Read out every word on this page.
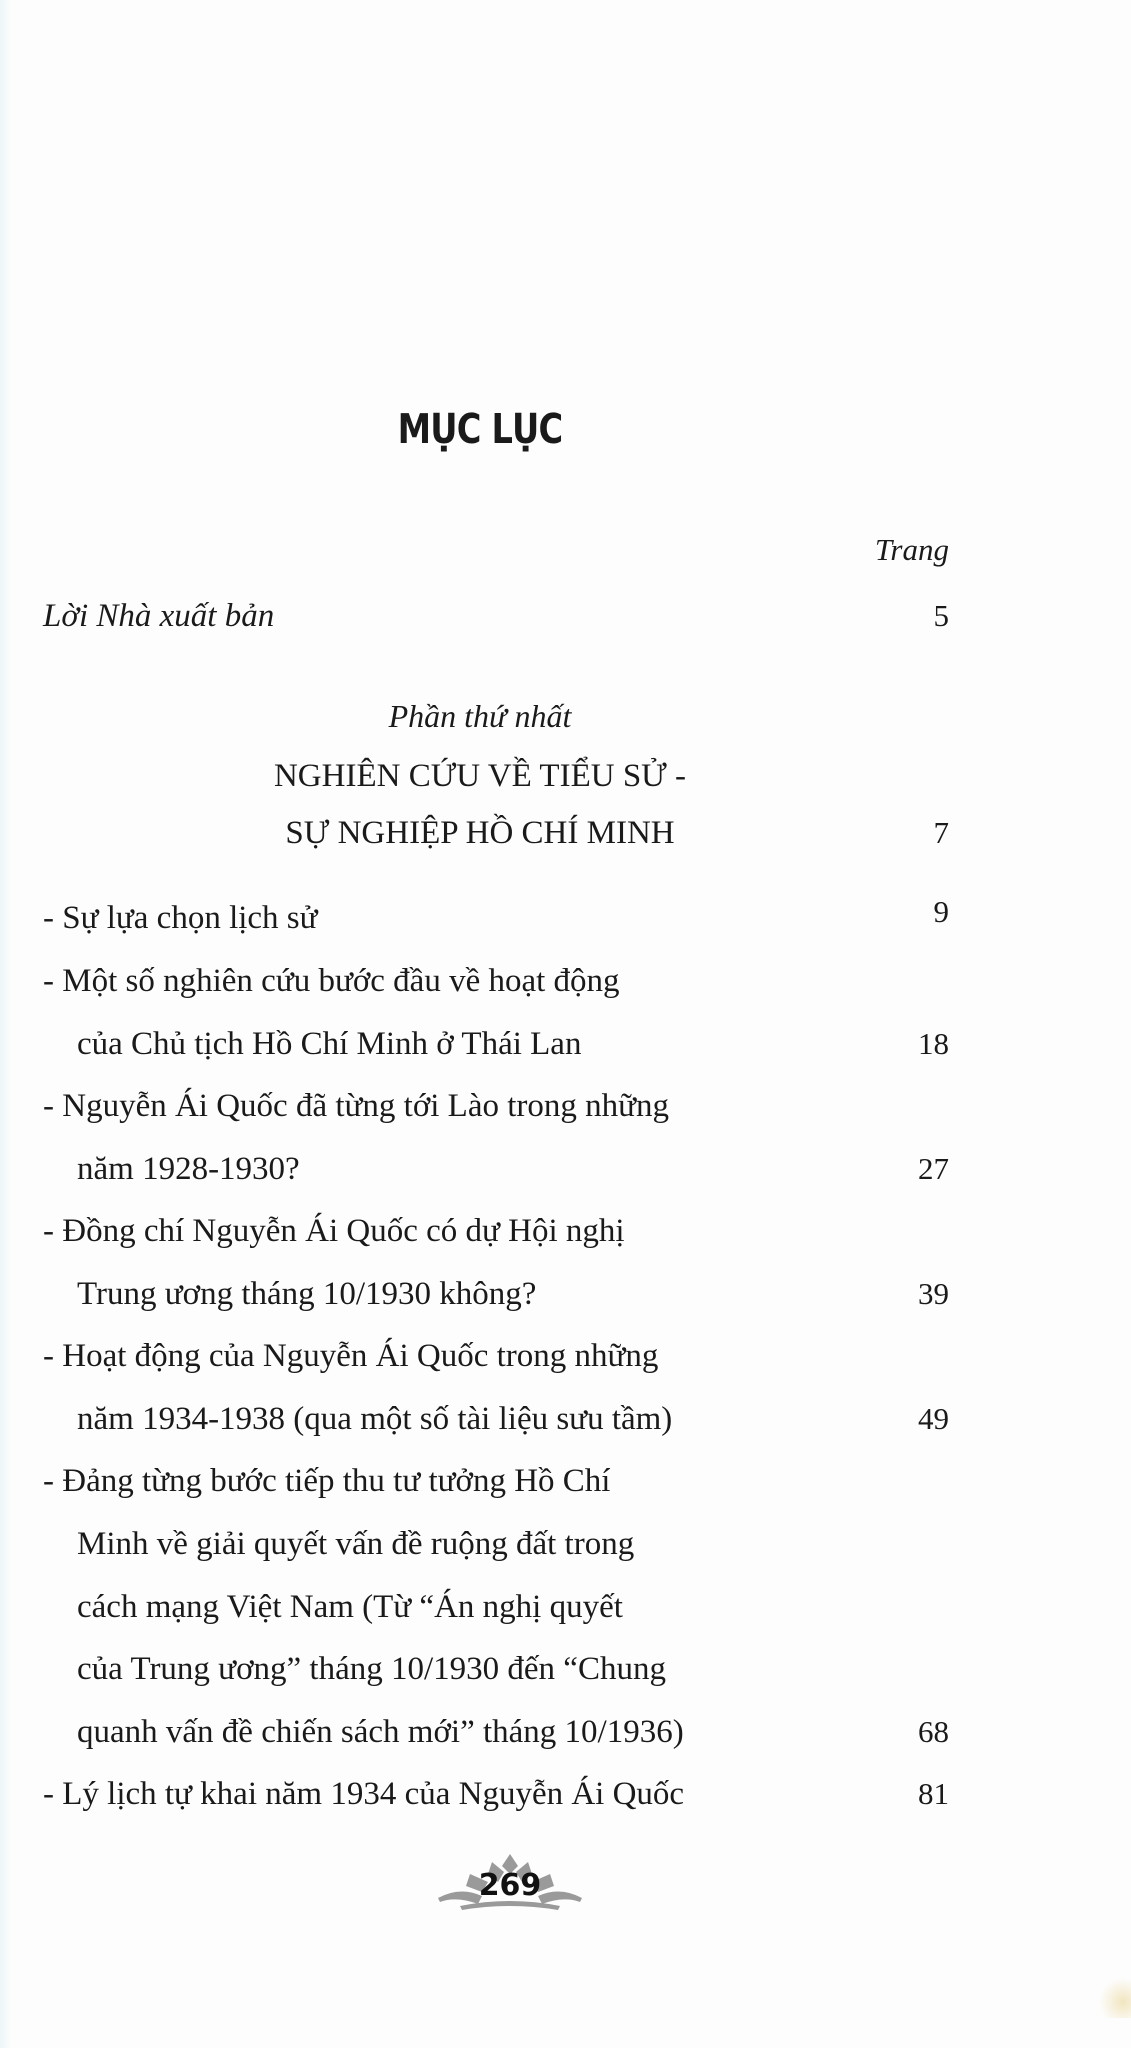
MỤC LỤC
Trang
Lời Nhà xuất bản	5
Phần thứ nhất
NGHIÊN CỨU VỀ TIỂU SỬ -
SỰ NGHIỆP HỒ CHÍ MINH	7
- Sự lựa chọn lịch sử	9
- Một số nghiên cứu bước đầu về hoạt động
của Chủ tịch Hồ Chí Minh ở Thái Lan	18
- Nguyễn Ái Quốc đã từng tới Lào trong những
năm 1928-1930?	27
- Đồng chí Nguyễn Ái Quốc có dự Hội nghị
Trung ương tháng 10/1930 không?	39
- Hoạt động của Nguyễn Ái Quốc trong những
năm 1934-1938 (qua một số tài liệu sưu tầm)	49
- Đảng từng bước tiếp thu tư tưởng Hồ Chí
Minh về giải quyết vấn đề ruộng đất trong
cách mạng Việt Nam (Từ “Án nghị quyết
của Trung ương” tháng 10/1930 đến “Chung
quanh vấn đề chiến sách mới” tháng 10/1936)	68
- Lý lịch tự khai năm 1934 của Nguyễn Ái Quốc	81
269
